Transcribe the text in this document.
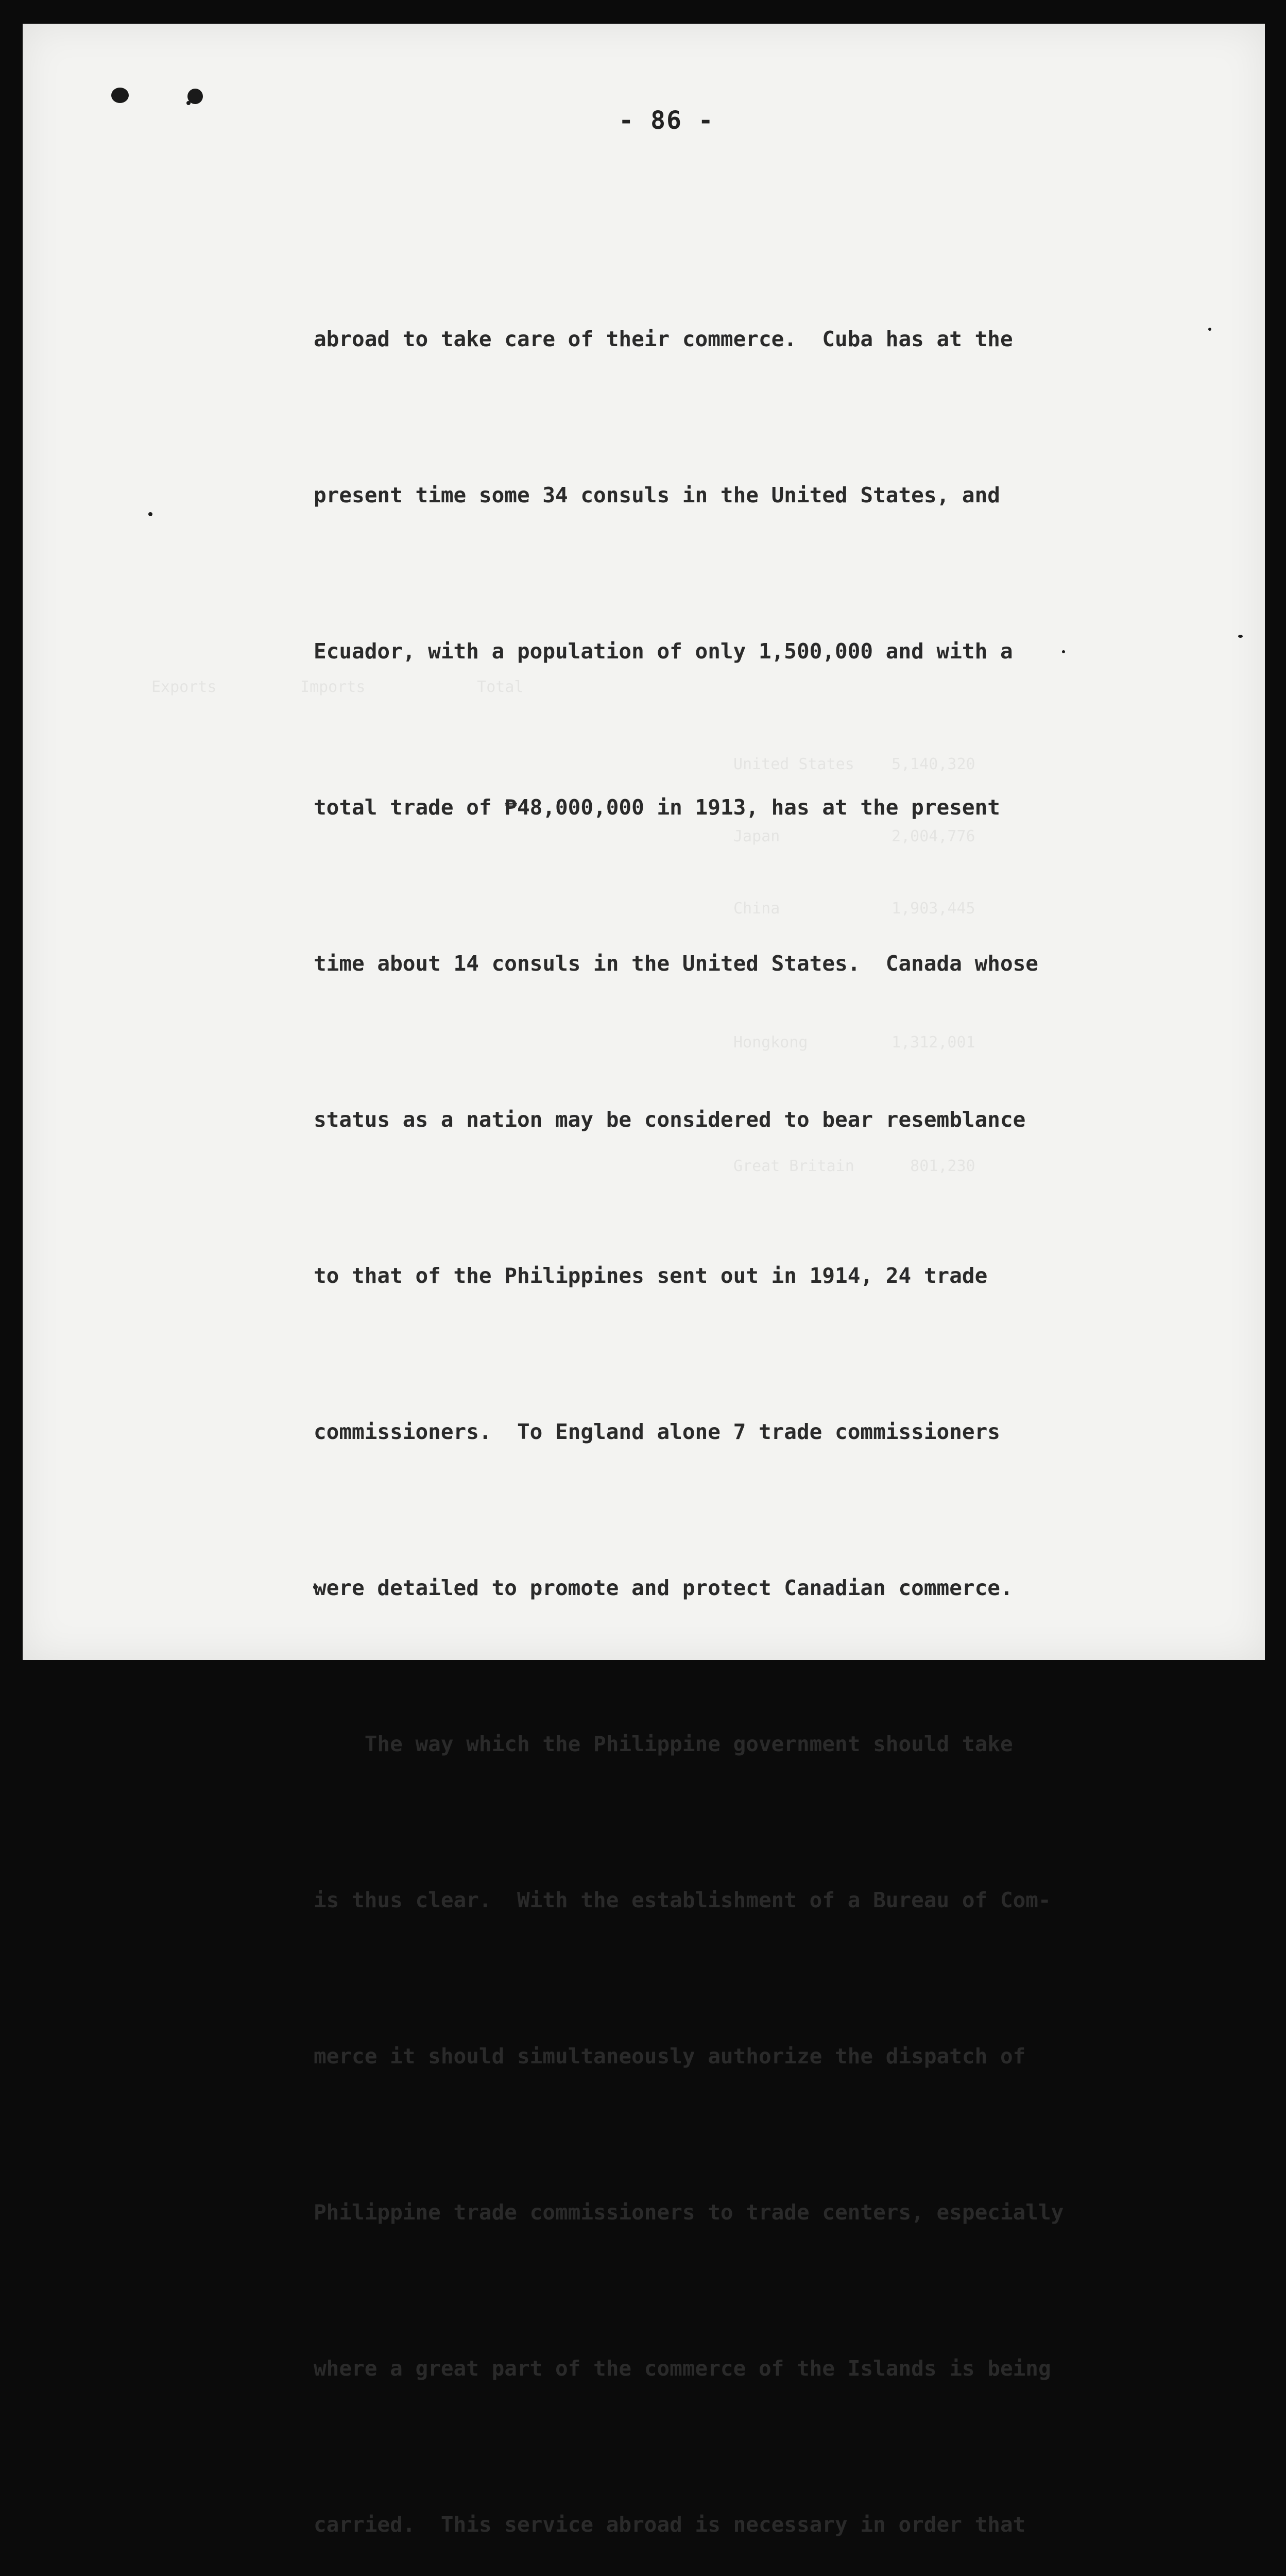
Exports         Imports            Total
United States    5,140,320
Japan            2,004,776
China            1,903,445
Hongkong         1,312,001
Great Britain      801,230
- 86 -

abroad to take care of their commerce.  Cuba has at the

present time some 34 consuls in the United States, and

Ecuador, with a population of only 1,500,000 and with a

total trade of ₱48,000,000 in 1913, has at the present

time about 14 consuls in the United States.  Canada whose

status as a nation may be considered to bear resemblance

to that of the Philippines sent out in 1914, 24 trade

commissioners.  To England alone 7 trade commissioners

were detailed to promote and protect Canadian commerce.

The way which the Philippine government should take

is thus clear.  With the establishment of a Bureau of Com-

merce it should simultaneously authorize the dispatch of

Philippine trade commissioners to trade centers, especially

where a great part of the commerce of the Islands is being

carried.  This service abroad is necessary in order that
